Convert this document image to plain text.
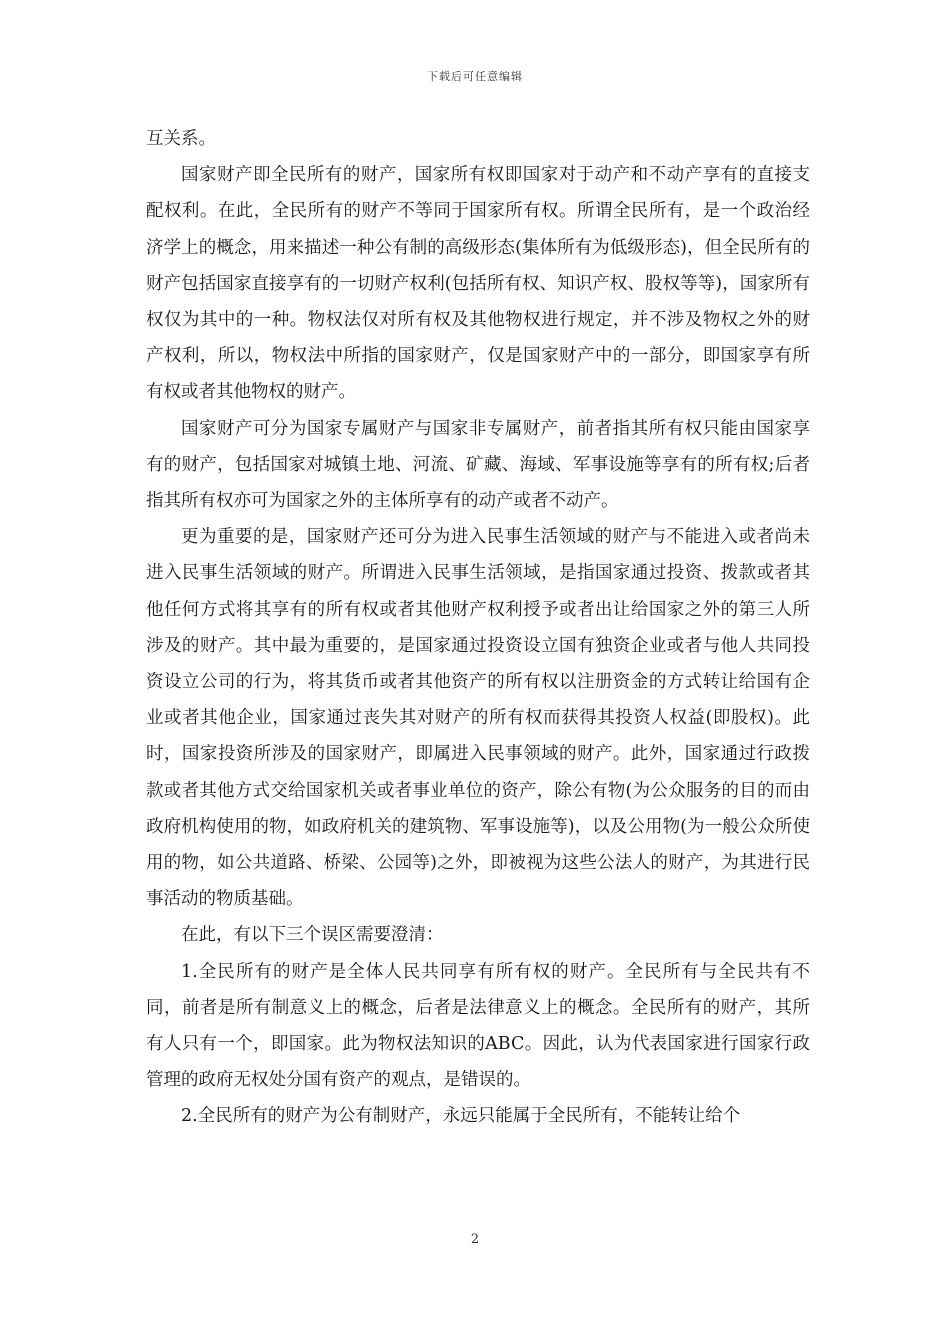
下载后可任意编辑

互关系。

国家财产即全民所有的财产，国家所有权即国家对于动产和不动产享有的直接支配权利。在此，全民所有的财产不等同于国家所有权。所谓全民所有，是一个政治经济学上的概念，用来描述一种公有制的高级形态(集体所有为低级形态)，但全民所有的财产包括国家直接享有的一切财产权利(包括所有权、知识产权、股权等等)，国家所有权仅为其中的一种。物权法仅对所有权及其他物权进行规定，并不涉及物权之外的财产权利，所以，物权法中所指的国家财产，仅是国家财产中的一部分，即国家享有所有权或者其他物权的财产。

国家财产可分为国家专属财产与国家非专属财产，前者指其所有权只能由国家享有的财产，包括国家对城镇土地、河流、矿藏、海域、军事设施等享有的所有权;后者指其所有权亦可为国家之外的主体所享有的动产或者不动产。

更为重要的是，国家财产还可分为进入民事生活领域的财产与不能进入或者尚未进入民事生活领域的财产。所谓进入民事生活领域，是指国家通过投资、拨款或者其他任何方式将其享有的所有权或者其他财产权利授予或者出让给国家之外的第三人所涉及的财产。其中最为重要的，是国家通过投资设立国有独资企业或者与他人共同投资设立公司的行为，将其货币或者其他资产的所有权以注册资金的方式转让给国有企业或者其他企业，国家通过丧失其对财产的所有权而获得其投资人权益(即股权)。此时，国家投资所涉及的国家财产，即属进入民事领域的财产。此外，国家通过行政拨款或者其他方式交给国家机关或者事业单位的资产，除公有物(为公众服务的目的而由政府机构使用的物，如政府机关的建筑物、军事设施等)，以及公用物(为一般公众所使用的物，如公共道路、桥梁、公园等)之外，即被视为这些公法人的财产，为其进行民事活动的物质基础。

在此，有以下三个误区需要澄清：

1.全民所有的财产是全体人民共同享有所有权的财产。全民所有与全民共有不同，前者是所有制意义上的概念，后者是法律意义上的概念。全民所有的财产，其所有人只有一个，即国家。此为物权法知识的ABC。因此，认为代表国家进行国家行政管理的政府无权处分国有资产的观点，是错误的。

2.全民所有的财产为公有制财产，永远只能属于全民所有，不能转让给个

2
